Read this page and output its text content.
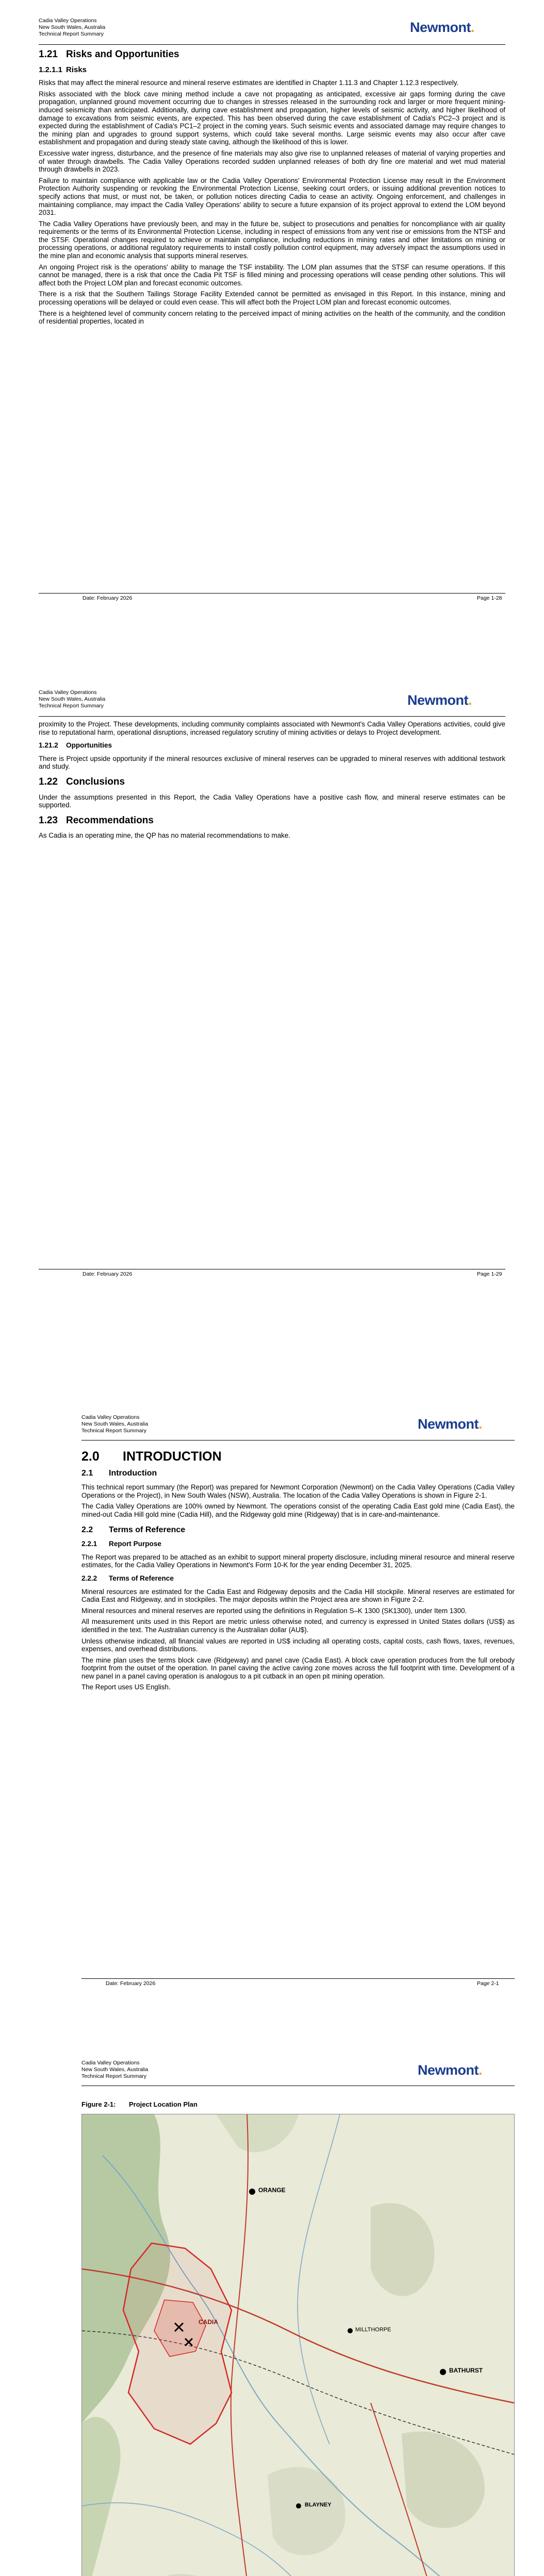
Cadia Valley Operations
New South Wales, Australia
Technical Report Summary	Newmont.
1.21 Risks and Opportunities
1.2.1.1 Risks

Risks that may affect the mineral resource and mineral reserve estimates are identified in Chapter 1.11.3 and Chapter 1.12.3 respectively.

Risks associated with the block cave mining method include a cave not propagating as anticipated, excessive air gaps forming during the cave propagation, unplanned ground movement occurring due to changes in stresses released in the surrounding rock and larger or more frequent mining-induced seismicity than anticipated. Additionally, during cave establishment and propagation, higher levels of seismic activity, and higher likelihood of damage to excavations from seismic events, are expected. This has been observed during the cave establishment of Cadia's PC2–3 project and is expected during the establishment of Cadia's PC1–2 project in the coming years. Such seismic events and associated damage may require changes to the mining plan and upgrades to ground support systems, which could take several months. Large seismic events may also occur after cave establishment and propagation and during steady state caving, although the likelihood of this is lower.

Excessive water ingress, disturbance, and the presence of fine materials may also give rise to unplanned releases of material of varying properties and of water through drawbells. The Cadia Valley Operations recorded sudden unplanned releases of both dry fine ore material and wet mud material through drawbells in 2023.

Failure to maintain compliance with applicable law or the Cadia Valley Operations' Environmental Protection License may result in the Environment Protection Authority suspending or revoking the Environmental Protection License, seeking court orders, or issuing additional prevention notices to specify actions that must, or must not, be taken, or pollution notices directing Cadia to cease an activity. Ongoing enforcement, and challenges in maintaining compliance, may impact the Cadia Valley Operations' ability to secure a future expansion of its project approval to extend the LOM beyond 2031.

The Cadia Valley Operations have previously been, and may in the future be, subject to prosecutions and penalties for noncompliance with air quality requirements or the terms of its Environmental Protection License, including in respect of emissions from any vent rise or emissions from the NTSF and the STSF. Operational changes required to achieve or maintain compliance, including reductions in mining rates and other limitations on mining or processing operations, or additional regulatory requirements to install costly pollution control equipment, may adversely impact the assumptions used in the mine plan and economic analysis that supports mineral reserves.

An ongoing Project risk is the operations' ability to manage the TSF instability. The LOM plan assumes that the STSF can resume operations. If this cannot be managed, there is a risk that once the Cadia Pit TSF is filled mining and processing operations will cease pending other solutions. This will affect both the Project LOM plan and forecast economic outcomes.

There is a risk that the Southern Tailings Storage Facility Extended cannot be permitted as envisaged in this Report. In this instance, mining and processing operations will be delayed or could even cease. This will affect both the Project LOM plan and forecast economic outcomes.

There is a heightened level of community concern relating to the perceived impact of mining activities on the health of the community, and the condition of residential properties, located in

Date: February 2026	Page 1-28
Cadia Valley Operations
New South Wales, Australia
Technical Report Summary	Newmont.

proximity to the Project. These developments, including community complaints associated with Newmont's Cadia Valley Operations activities, could give rise to reputational harm, operational disruptions, increased regulatory scrutiny of mining activities or delays to Project development.

1.21.2 Opportunities

There is Project upside opportunity if the mineral resources exclusive of mineral reserves can be upgraded to mineral reserves with additional testwork and study.

1.22 Conclusions

Under the assumptions presented in this Report, the Cadia Valley Operations have a positive cash flow, and mineral reserve estimates can be supported.

1.23 Recommendations

As Cadia is an operating mine, the QP has no material recommendations to make.

Date: February 2026	Page 1-29
Cadia Valley Operations
New South Wales, Australia
Technical Report Summary	Newmont.
2.0 INTRODUCTION
2.1 Introduction

This technical report summary (the Report) was prepared for Newmont Corporation (Newmont) on the Cadia Valley Operations (Cadia Valley Operations or the Project), in New South Wales (NSW), Australia. The location of the Cadia Valley Operations is shown in Figure 2-1.

The Cadia Valley Operations are 100% owned by Newmont. The operations consist of the operating Cadia East gold mine (Cadia East), the mined-out Cadia Hill gold mine (Cadia Hill), and the Ridgeway gold mine (Ridgeway) that is in care-and-maintenance.

2.2 Terms of Reference
2.2.1 Report Purpose

The Report was prepared to be attached as an exhibit to support mineral property disclosure, including mineral resource and mineral reserve estimates, for the Cadia Valley Operations in Newmont's Form 10-K for the year ending December 31, 2025.

2.2.2 Terms of Reference

Mineral resources are estimated for the Cadia East and Ridgeway deposits and the Cadia Hill stockpile. Mineral reserves are estimated for Cadia East and Ridgeway, and in stockpiles. The major deposits within the Project area are shown in Figure 2-2.

Mineral resources and mineral reserves are reported using the definitions in Regulation S–K 1300 (SK1300), under Item 1300.

All measurement units used in this Report are metric unless otherwise noted, and currency is expressed in United States dollars (US$) as identified in the text. The Australian currency is the Australian dollar (AU$).

Unless otherwise indicated, all financial values are reported in US$ including all operating costs, capital costs, cash flows, taxes, revenues, expenses, and overhead distributions.

The mine plan uses the terms block cave (Ridgeway) and panel cave (Cadia East). A block cave operation produces from the full orebody footprint from the outset of the operation. In panel caving the active caving zone moves across the full footprint with time. Development of a new panel in a panel caving operation is analogous to a pit cutback in an open pit mining operation.

The Report uses US English.

Date: February 2026	Page 2-1
Cadia Valley Operations
New South Wales, Australia
Technical Report Summary	Newmont.
Figure 2-1: Project Location Plan
ORANGE
BATHURST
BLAYNEY
MILLTHORPE
CADIA
